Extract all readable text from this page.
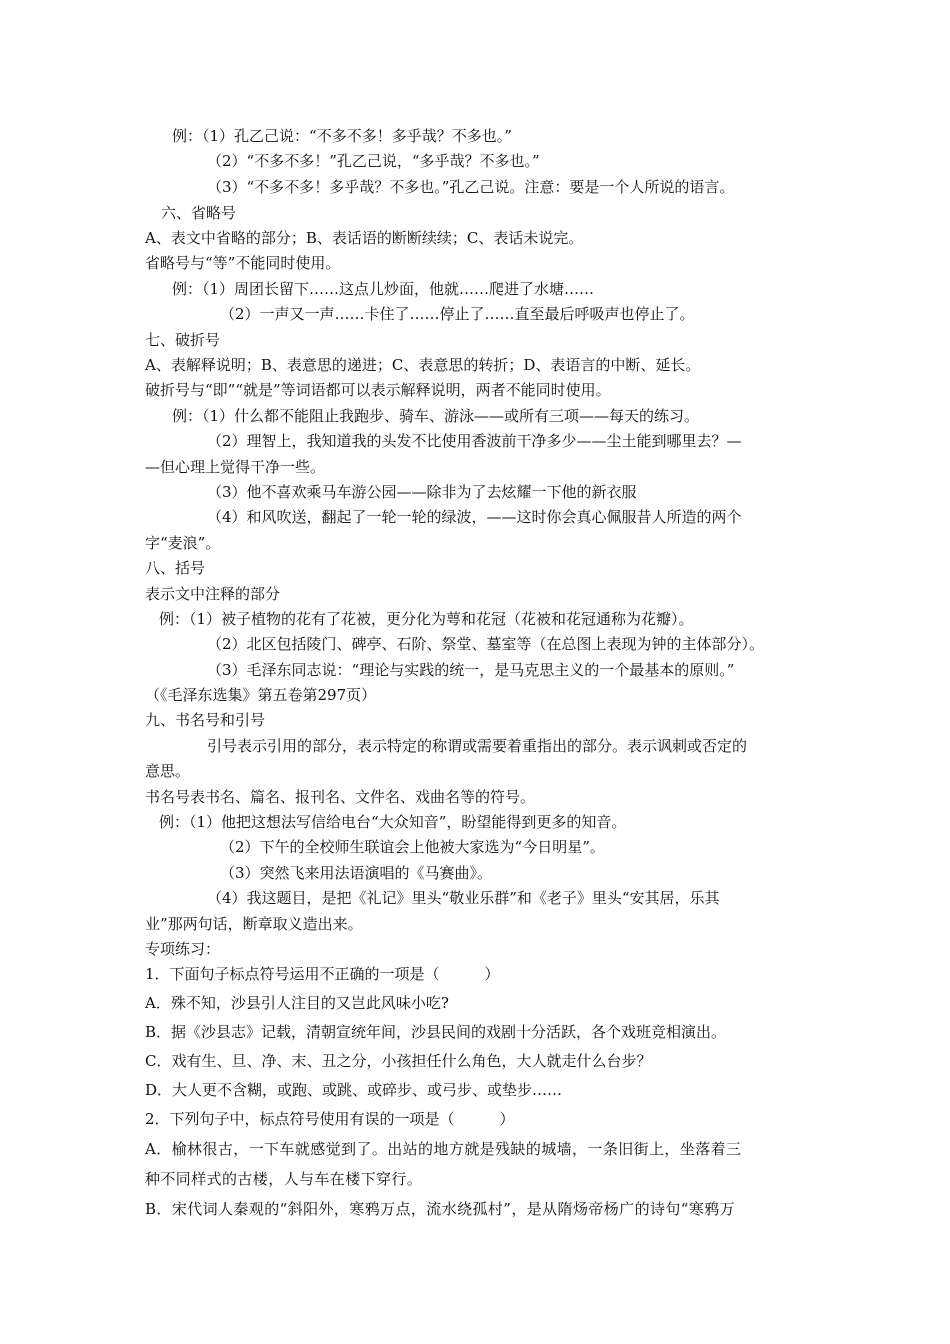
例：（1）孔乙己说：“不多不多！多乎哉？不多也。”
（2）“不多不多！”孔乙己说，“多乎哉？不多也。”
（3）“不多不多！多乎哉？不多也。”孔乙己说。注意：要是一个人所说的语言。
六、省略号
A、表文中省略的部分；B、表话语的断断续续；C、表话未说完。
省略号与“等”不能同时使用。
例：（1）周团长留下……这点儿炒面，他就……爬进了水塘……
（2）一声又一声……卡住了……停止了……直至最后呼吸声也停止了。
七、破折号
A、表解释说明；B、表意思的递进；C、表意思的转折；D、表语言的中断、延长。
破折号与“即”“就是”等词语都可以表示解释说明，两者不能同时使用。
例：（1）什么都不能阻止我跑步、骑车、游泳——或所有三项——每天的练习。
（2）理智上，我知道我的头发不比使用香波前干净多少——尘土能到哪里去？—
—但心理上觉得干净一些。
（3）他不喜欢乘马车游公园——除非为了去炫耀一下他的新衣服
（4）和风吹送，翻起了一轮一轮的绿波，——这时你会真心佩服昔人所造的两个
字“麦浪”。
八、括号
表示文中注释的部分
例：（1）被子植物的花有了花被，更分化为萼和花冠（花被和花冠通称为花瓣）。
（2）北区包括陵门、碑亭、石阶、祭堂、墓室等（在总图上表现为钟的主体部分）。
（3）毛泽东同志说：“理论与实践的统一，是马克思主义的一个最基本的原则。”
（《毛泽东选集》第五卷第297页）
九、书名号和引号
引号表示引用的部分，表示特定的称谓或需要着重指出的部分。表示讽刺或否定的
意思。
书名号表书名、篇名、报刊名、文件名、戏曲名等的符号。
例：（1）他把这想法写信给电台“大众知音”，盼望能得到更多的知音。
（2）下午的全校师生联谊会上他被大家选为“今日明星”。
（3）突然飞来用法语演唱的《马赛曲》。
（4）我这题目，是把《礼记》里头“敬业乐群”和《老子》里头“安其居，乐其
业”那两句话，断章取义造出来。
专项练习：
1．下面句子标点符号运用不正确的一项是（　　　）
A．殊不知，沙县引人注目的又岂此风味小吃?
B．据《沙县志》记载，清朝宣统年间，沙县民间的戏剧十分活跃，各个戏班竞相演出。
C．戏有生、旦、净、末、丑之分，小孩担任什么角色，大人就走什么台步？
D．大人更不含糊，或跑、或跳、或碎步、或弓步、或垫步……
2．下列句子中，标点符号使用有误的一项是（　　　）
A．榆林很古，一下车就感觉到了。出站的地方就是残缺的城墙，一条旧街上，坐落着三
种不同样式的古楼，人与车在楼下穿行。
B．宋代词人秦观的“斜阳外，寒鸦万点，流水绕孤村”，是从隋炀帝杨广的诗句“寒鸦万
